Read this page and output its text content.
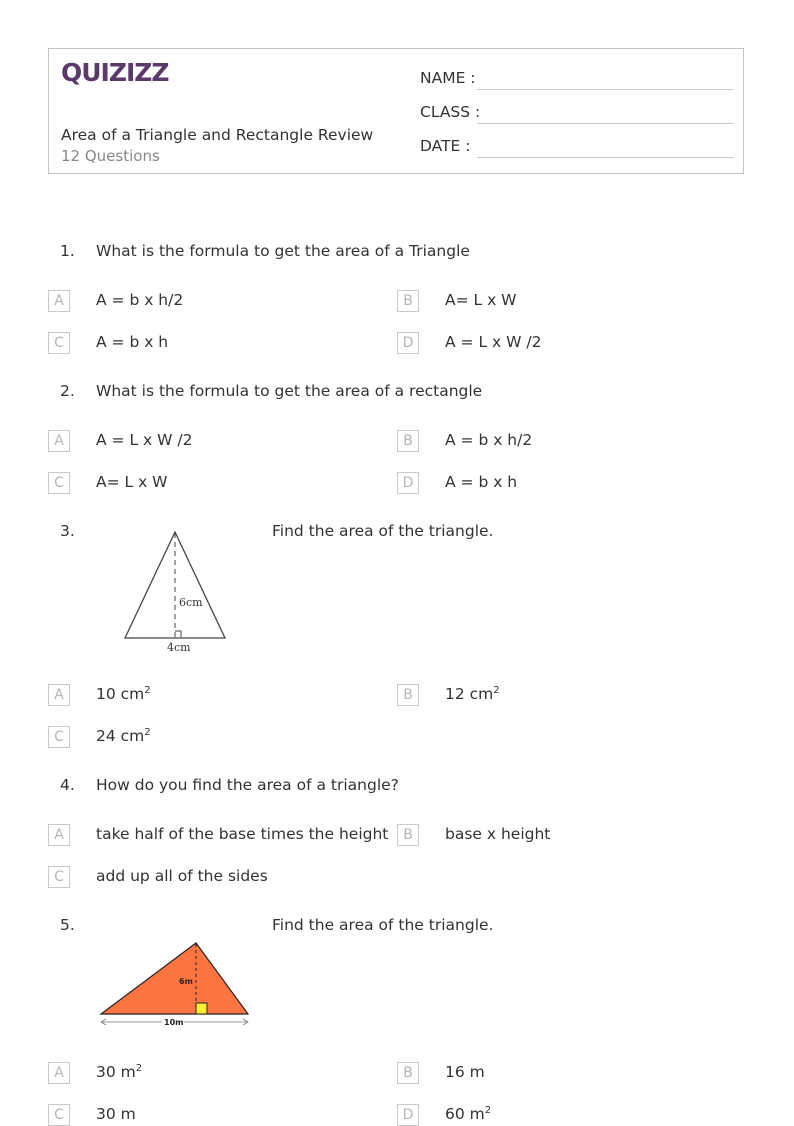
QUIZIZZ
Area of a Triangle and Rectangle Review
12 Questions
NAME :
CLASS :
DATE :
1. What is the formula to get the area of a Triangle
A	A = b x h/2	B	A= L x W
C	A = b x h	D	A = L x W /2
2. What is the formula to get the area of a rectangle
A	A = L x W /2	B	A = b x h/2
C	A= L x W	D	A = b x h
3.	Find the area of the triangle.
6cm
4cm
A	10 $cm^2$	B	12 $cm^2$
C	24 $cm^2$
4. How do you find the area of a triangle?
A	take half of the base times the height	B	base x height
C	add up all of the sides
5.	Find the area of the triangle.
6m
10m
A	30 $m^2$	B	16 m
C	30 m	D	60 $m^2$
